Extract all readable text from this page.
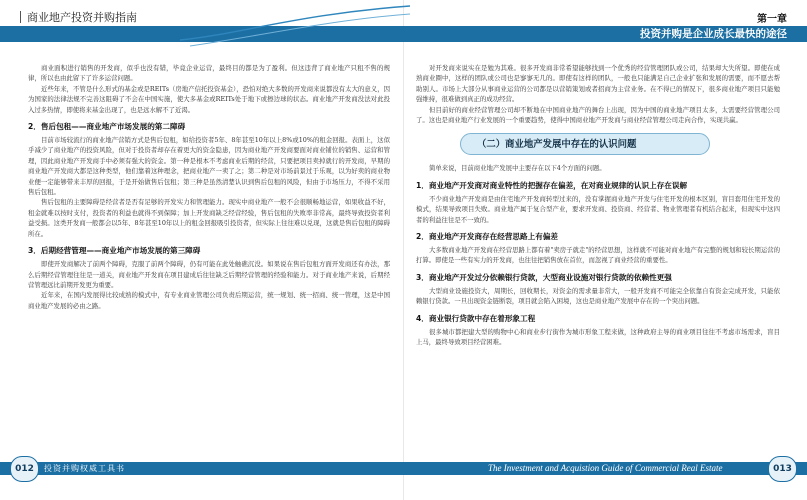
商业地产投资并购指南	第一章
投资并购是企业成长最快的途径

商业面积进行销售的开发商，似乎也没有错，毕竟企业运营，最终目的都是为了盈利。但这违背了商业地产只租不售的规律，所以也由此留下了许多运营问题。

近些年来，不管是什么形式的基金或是REITs（房地产信托投资基金），恐怕对绝大多数的开发商来说都没有太大的意义，因为国家的法律法规不完善这阻碍了不会在中国实施，使大多基金或REITs处于地下或擦边球的状态。商业地产开发商没法对此投入过多热情，即使将来基金出现了，也是远水解不了近渴。

2．售后包租——商业地产市场发展的第二障碍

目前市场较流行的商业地产营销方式是售后包租，如给投资者5年、8年甚至10年以上8%或10%的租金回报。表面上，这似乎减少了商业地产的投资风险，但对于投资者却存在着更大的资金隐患，因为商业地产开发商要面对商业铺位的销售、运营和管理，因此商业地产开发商手中必须有强大的资金。第一种是根本不考虑商业后期的经营，只要把项目卖掉就行的开发商，早期的商业地产开发商大都是这种类型，他们靠着这种理念，把商业地产一卖了之；第二种是对市场前景过于乐观，以为好卖的商业物业便一定能够带来丰厚的回报，于是开始做售后包租；第三种是虽然清楚认识到售后包租的风险，但由于市场压力，不得不采用售后包租。

售后包租的主要障碍是经营者是否有足够的开发实力和管理能力。现实中商业地产一般不会很顺畅地运营，如果收益不好，租金就难以按时支付，投资者的利益也就得不到保障；加上开发商缺乏经营经验，售后包租的失败率非常高，最终导致投资者利益受损。这类开发商一般都会以5年、8年甚至10年以上的租金回报吸引投资者，但实际上往往难以兑现，这就是售后包租的障碍所在。

3．后期经营管理——商业地产市场发展的第三障碍

即使开发商解决了前两个障碍，克服了前两个障碍，仍有可能在此处触礁沉没。如果说在售后包租方面开发商还有办法，那么后期经营管理往往是一道关，商业地产开发商在项目建成后往往缺乏后期经营管理的经验和能力。对于商业地产来说，后期经营管理远比前期开发更为重要。

近年来，在国内发展得比较成熟的模式中，有专业商业管理公司负责后期运营，统一规划、统一招商、统一管理，这是中国商业地产发展的必由之路。

对开发商来说实在是勉为其难。很多开发商非常希望能够找到一个优秀的经营管理团队或公司，结果却大失所望。即使在成熟商业圈中，这样的团队或公司也是寥寥无几的。即使有这样的团队，一般也只能满足自己企业扩张和发展的需要，而不愿去帮助别人。市场上大部分从事商业运营的公司都是以营销策划或者招商为主营业务。在不得已的情况下，很多商业地产项目只能勉强维持，很难做到真正的成功经营。

但目前好的商业经营管理公司却不断地在中国商业地产的舞台上出现，因为中国的商业地产项目太多，太需要经营管理公司了。这也是商业地产行业发展的一个重要趋势，使得中国商业地产开发商与商业经营管理公司走向合作，实现共赢。

（二）商业地产发展中存在的认识问题

简单来说，目前商业地产发展中主要存在以下4个方面的问题。

1．商业地产开发商对商业特性的把握存在偏差，在对商业规律的认识上存在误解

不少商业地产开发商是由住宅地产开发商转型过来的，没有掌握商业地产开发与住宅开发的根本区别，盲目套用住宅开发的模式，结果导致项目失败。商业地产属于复合型产业，要求开发商、投资商、经营者、物业管理者有机结合起来，但现实中这四者的利益往往是不一致的。

2．商业地产开发商存在经营思路上有偏差

大多数商业地产开发商在经营思路上都有着"卖房子就走"的经营思想，这样就不可能对商业地产有完整的规划和较长期运营的打算。即使是一些有实力的开发商，也往往把销售放在首位，而忽视了商业经营的重要性。

3．商业地产开发过分依赖银行贷款，大型商业设施对银行贷款的依赖性更强

大型商业设施投资大，周期长，回收期长，对资金的需求量非常大，一般开发商不可能完全依靠自有资金完成开发，只能依赖银行贷款。一旦出现资金链断裂，项目就会陷入困境，这也是商业地产发展中存在的一个突出问题。

4．商业银行贷款中存在着形象工程

很多城市都把建大型的购物中心和商业步行街作为城市形象工程来做，这种政府主导的商业项目往往不考虑市场需求，盲目上马，最终导致项目经营困难。

012	投资并购权威工具书	The Investment and Acquistion Guide of Commercial Real Estate	013
